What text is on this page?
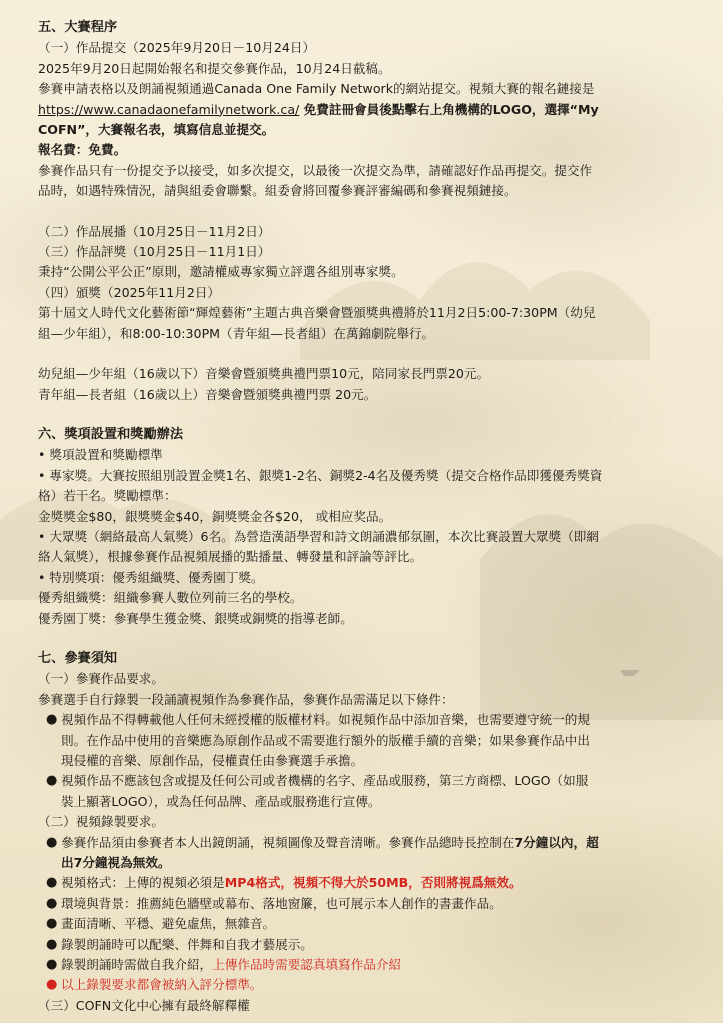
五、大賽程序

（一）作品提交（2025年9月20日－10月24日）

2025年9月20日起開始報名和提交參賽作品，10月24日截稿。

參賽申請表格以及朗誦視頻通過Canada One Family Network的網站提交。視頻大賽的報名鏈接是

https://www.canadaonefamilynetwork.ca/ 免費註冊會員後點擊右上角機構的LOGO，選擇“My

COFN”，大賽報名表，填寫信息並提交。

報名費：免費。

參賽作品只有一份提交予以接受，如多次提交，以最後一次提交為準，請確認好作品再提交。提交作

品時，如遇特殊情況，請與組委會聯繫。組委會將回覆參賽評審編碼和參賽視頻鏈接。

（二）作品展播（10月25日－11月2日）

（三）作品評獎（10月25日－11月1日）

秉持“公開公平公正”原則，邀請權威專家獨立評選各組別專家獎。

（四）頒獎（2025年11月2日）

第十屆文人時代文化藝術節“輝煌藝術”主題古典音樂會暨頒獎典禮將於11月2日5:00-7:30PM（幼兒

組—少年組），和8:00-10:30PM（青年組—長者組）在萬錦劇院舉行。

幼兒組—少年組（16歲以下）音樂會暨頒獎典禮門票10元，陪同家長門票20元。

青年組—長者組（16歲以上）音樂會暨頒獎典禮門票 20元。

六、獎項設置和獎勵辦法

• 獎項設置和獎勵標準

• 專家獎。大賽按照組別設置金獎1名、銀獎1-2名、銅獎2-4名及優秀獎（提交合格作品即獲優秀獎資

格）若干名。獎勵標準：

金獎獎金$80，銀獎獎金$40，銅獎獎金各$20， 或相应奖品。

• 大眾獎（網絡最高人氣獎）6名。為營造漢語學習和詩文朗誦濃郁氛圍，本次比賽設置大眾獎（即網

絡人氣獎），根據參賽作品視頻展播的點播量、轉發量和評論等評比。

• 特別獎項：優秀組織獎、優秀園丁獎。

優秀組織獎：組織參賽人數位列前三名的學校。

優秀園丁獎：參賽學生獲金獎、銀獎或銅獎的指導老師。

七、參賽須知

（一）參賽作品要求。

參賽選手自行錄製一段誦讀視頻作為參賽作品，參賽作品需滿足以下條件：

● 視頻作品不得轉載他人任何未經授權的版權材料。如視頻作品中添加音樂，也需要遵守統一的規

則。在作品中使用的音樂應為原創作品或不需要進行額外的版權手續的音樂；如果參賽作品中出

現侵權的音樂、原創作品，侵權責任由參賽選手承擔。

● 視頻作品不應該包含或提及任何公司或者機構的名字、產品或服務，第三方商標、LOGO（如服

裝上顯著LOGO），或為任何品牌、產品或服務進行宣傳。

（二）視頻錄製要求。

● 參賽作品須由參賽者本人出鏡朗誦，視頻圖像及聲音清晰。參賽作品總時長控制在7分鐘以內，超

出7分鐘視為無效。

● 視頻格式：上傳的視頻必須是MP4格式，視頻不得大於50MB，否則將視爲無效。

● 環境與背景：推薦純色牆壁或幕布、落地窗簾，也可展示本人創作的書畫作品。

● 畫面清晰、平穩、避免虛焦，無雜音。

● 錄製朗誦時可以配樂、伴舞和自我才藝展示。

● 錄製朗誦時需做自我介紹，上傳作品時需要認真填寫作品介紹

● 以上錄製要求都會被納入評分標準。

（三）COFN文化中心擁有最終解釋權
